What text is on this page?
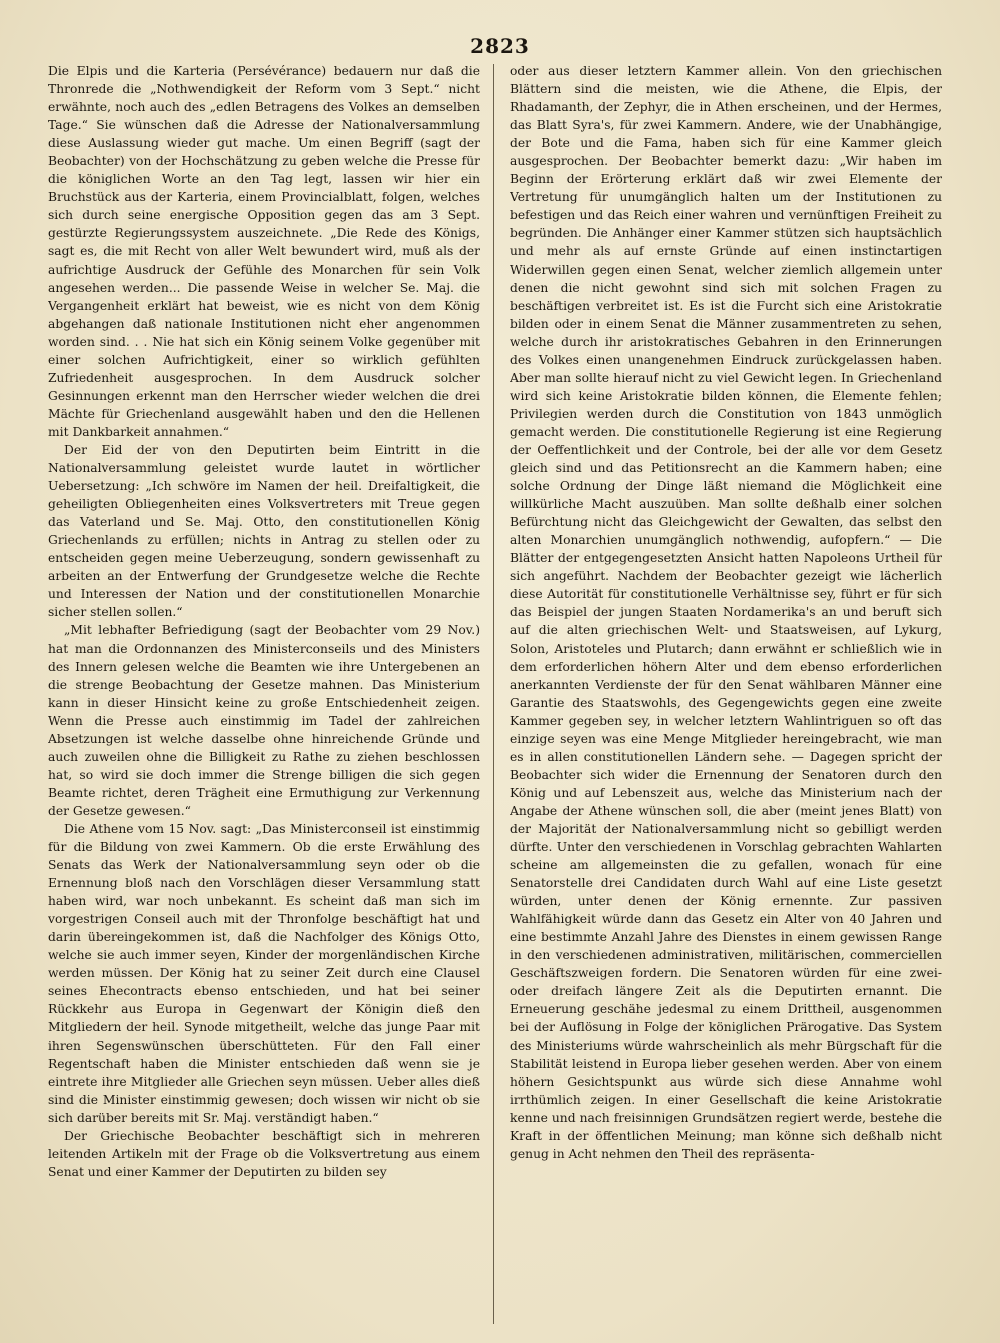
2823

Die Elpis und die Karteria (Persévérance) bedauern nur daß die Thronrede die „Nothwendigkeit der Reform vom 3 Sept.“ nicht erwähnte, noch auch des „edlen Betragens des Volkes an demselben Tage.“ Sie wünschen daß die Adresse der Nationalversammlung diese Auslassung wieder gut mache. Um einen Begriff (sagt der Beobachter) von der Hochschätzung zu geben welche die Presse für die königlichen Worte an den Tag legt, lassen wir hier ein Bruchstück aus der Karteria, einem Provincialblatt, folgen, welches sich durch seine energische Opposition gegen das am 3 Sept. gestürzte Regierungssystem auszeichnete. „Die Rede des Königs, sagt es, die mit Recht von aller Welt bewundert wird, muß als der aufrichtige Ausdruck der Gefühle des Monarchen für sein Volk angesehen werden... Die passende Weise in welcher Se. Maj. die Vergangenheit erklärt hat beweist, wie es nicht von dem König abgehangen daß nationale Institutionen nicht eher angenommen worden sind. . . Nie hat sich ein König seinem Volke gegenüber mit einer solchen Aufrichtigkeit, einer so wirklich gefühlten Zufriedenheit ausgesprochen. In dem Ausdruck solcher Gesinnungen erkennt man den Herrscher wieder welchen die drei Mächte für Griechenland ausgewählt haben und den die Hellenen mit Dankbarkeit annahmen.“

Der Eid der von den Deputirten beim Eintritt in die Nationalversammlung geleistet wurde lautet in wörtlicher Uebersetzung: „Ich schwöre im Namen der heil. Dreifaltigkeit, die geheiligten Obliegenheiten eines Volksvertreters mit Treue gegen das Vaterland und Se. Maj. Otto, den constitutionellen König Griechenlands zu erfüllen; nichts in Antrag zu stellen oder zu entscheiden gegen meine Ueberzeugung, sondern gewissenhaft zu arbeiten an der Entwerfung der Grundgesetze welche die Rechte und Interessen der Nation und der constitutionellen Monarchie sicher stellen sollen.“

„Mit lebhafter Befriedigung (sagt der Beobachter vom 29 Nov.) hat man die Ordonnanzen des Ministerconseils und des Ministers des Innern gelesen welche die Beamten wie ihre Untergebenen an die strenge Beobachtung der Gesetze mahnen. Das Ministerium kann in dieser Hinsicht keine zu große Entschiedenheit zeigen. Wenn die Presse auch einstimmig im Tadel der zahlreichen Absetzungen ist welche dasselbe ohne hinreichende Gründe und auch zuweilen ohne die Billigkeit zu Rathe zu ziehen beschlossen hat, so wird sie doch immer die Strenge billigen die sich gegen Beamte richtet, deren Trägheit eine Ermuthigung zur Verkennung der Gesetze gewesen.“

Die Athene vom 15 Nov. sagt: „Das Ministerconseil ist einstimmig für die Bildung von zwei Kammern. Ob die erste Erwählung des Senats das Werk der Nationalversammlung seyn oder ob die Ernennung bloß nach den Vorschlägen dieser Versammlung statt haben wird, war noch unbekannt. Es scheint daß man sich im vorgestrigen Conseil auch mit der Thronfolge beschäftigt hat und darin übereingekommen ist, daß die Nachfolger des Königs Otto, welche sie auch immer seyen, Kinder der morgenländischen Kirche werden müssen. Der König hat zu seiner Zeit durch eine Clausel seines Ehecontracts ebenso entschieden, und hat bei seiner Rückkehr aus Europa in Gegenwart der Königin dieß den Mitgliedern der heil. Synode mitgetheilt, welche das junge Paar mit ihren Segenswünschen überschütteten. Für den Fall einer Regentschaft haben die Minister entschieden daß wenn sie je eintrete ihre Mitglieder alle Griechen seyn müssen. Ueber alles dieß sind die Minister einstimmig gewesen; doch wissen wir nicht ob sie sich darüber bereits mit Sr. Maj. verständigt haben.“

Der Griechische Beobachter beschäftigt sich in mehreren leitenden Artikeln mit der Frage ob die Volksvertretung aus einem Senat und einer Kammer der Deputirten zu bilden sey

oder aus dieser letztern Kammer allein. Von den griechischen Blättern sind die meisten, wie die Athene, die Elpis, der Rhadamanth, der Zephyr, die in Athen erscheinen, und der Hermes, das Blatt Syra's, für zwei Kammern. Andere, wie der Unabhängige, der Bote und die Fama, haben sich für eine Kammer gleich ausgesprochen. Der Beobachter bemerkt dazu: „Wir haben im Beginn der Erörterung erklärt daß wir zwei Elemente der Vertretung für unumgänglich halten um der Institutionen zu befestigen und das Reich einer wahren und vernünftigen Freiheit zu begründen. Die Anhänger einer Kammer stützen sich hauptsächlich und mehr als auf ernste Gründe auf einen instinctartigen Widerwillen gegen einen Senat, welcher ziemlich allgemein unter denen die nicht gewohnt sind sich mit solchen Fragen zu beschäftigen verbreitet ist. Es ist die Furcht sich eine Aristokratie bilden oder in einem Senat die Männer zusammentreten zu sehen, welche durch ihr aristokratisches Gebahren in den Erinnerungen des Volkes einen unangenehmen Eindruck zurückgelassen haben. Aber man sollte hierauf nicht zu viel Gewicht legen. In Griechenland wird sich keine Aristokratie bilden können, die Elemente fehlen; Privilegien werden durch die Constitution von 1843 unmöglich gemacht werden. Die constitutionelle Regierung ist eine Regierung der Oeffentlichkeit und der Controle, bei der alle vor dem Gesetz gleich sind und das Petitionsrecht an die Kammern haben; eine solche Ordnung der Dinge läßt niemand die Möglichkeit eine willkürliche Macht auszuüben. Man sollte deßhalb einer solchen Befürchtung nicht das Gleichgewicht der Gewalten, das selbst den alten Monarchien unumgänglich nothwendig, aufopfern.“ — Die Blätter der entgegengesetzten Ansicht hatten Napoleons Urtheil für sich angeführt. Nachdem der Beobachter gezeigt wie lächerlich diese Autorität für constitutionelle Verhältnisse sey, führt er für sich das Beispiel der jungen Staaten Nordamerika's an und beruft sich auf die alten griechischen Welt- und Staatsweisen, auf Lykurg, Solon, Aristoteles und Plutarch; dann erwähnt er schließlich wie in dem erforderlichen höhern Alter und dem ebenso erforderlichen anerkannten Verdienste der für den Senat wählbaren Männer eine Garantie des Staatswohls, des Gegengewichts gegen eine zweite Kammer gegeben sey, in welcher letztern Wahlintriguen so oft das einzige seyen was eine Menge Mitglieder hereingebracht, wie man es in allen constitutionellen Ländern sehe. — Dagegen spricht der Beobachter sich wider die Ernennung der Senatoren durch den König und auf Lebenszeit aus, welche das Ministerium nach der Angabe der Athene wünschen soll, die aber (meint jenes Blatt) von der Majorität der Nationalversammlung nicht so gebilligt werden dürfte. Unter den verschiedenen in Vorschlag gebrachten Wahlarten scheine am allgemeinsten die zu gefallen, wonach für eine Senatorstelle drei Candidaten durch Wahl auf eine Liste gesetzt würden, unter denen der König ernennte. Zur passiven Wahlfähigkeit würde dann das Gesetz ein Alter von 40 Jahren und eine bestimmte Anzahl Jahre des Dienstes in einem gewissen Range in den verschiedenen administrativen, militärischen, commerciellen Geschäftszweigen fordern. Die Senatoren würden für eine zwei- oder dreifach längere Zeit als die Deputirten ernannt. Die Erneuerung geschähe jedesmal zu einem Drittheil, ausgenommen bei der Auflösung in Folge der königlichen Prärogative. Das System des Ministeriums würde wahrscheinlich als mehr Bürgschaft für die Stabilität leistend in Europa lieber gesehen werden. Aber von einem höhern Gesichtspunkt aus würde sich diese Annahme wohl irrthümlich zeigen. In einer Gesellschaft die keine Aristokratie kenne und nach freisinnigen Grundsätzen regiert werde, bestehe die Kraft in der öffentlichen Meinung; man könne sich deßhalb nicht genug in Acht nehmen den Theil des repräsenta-
